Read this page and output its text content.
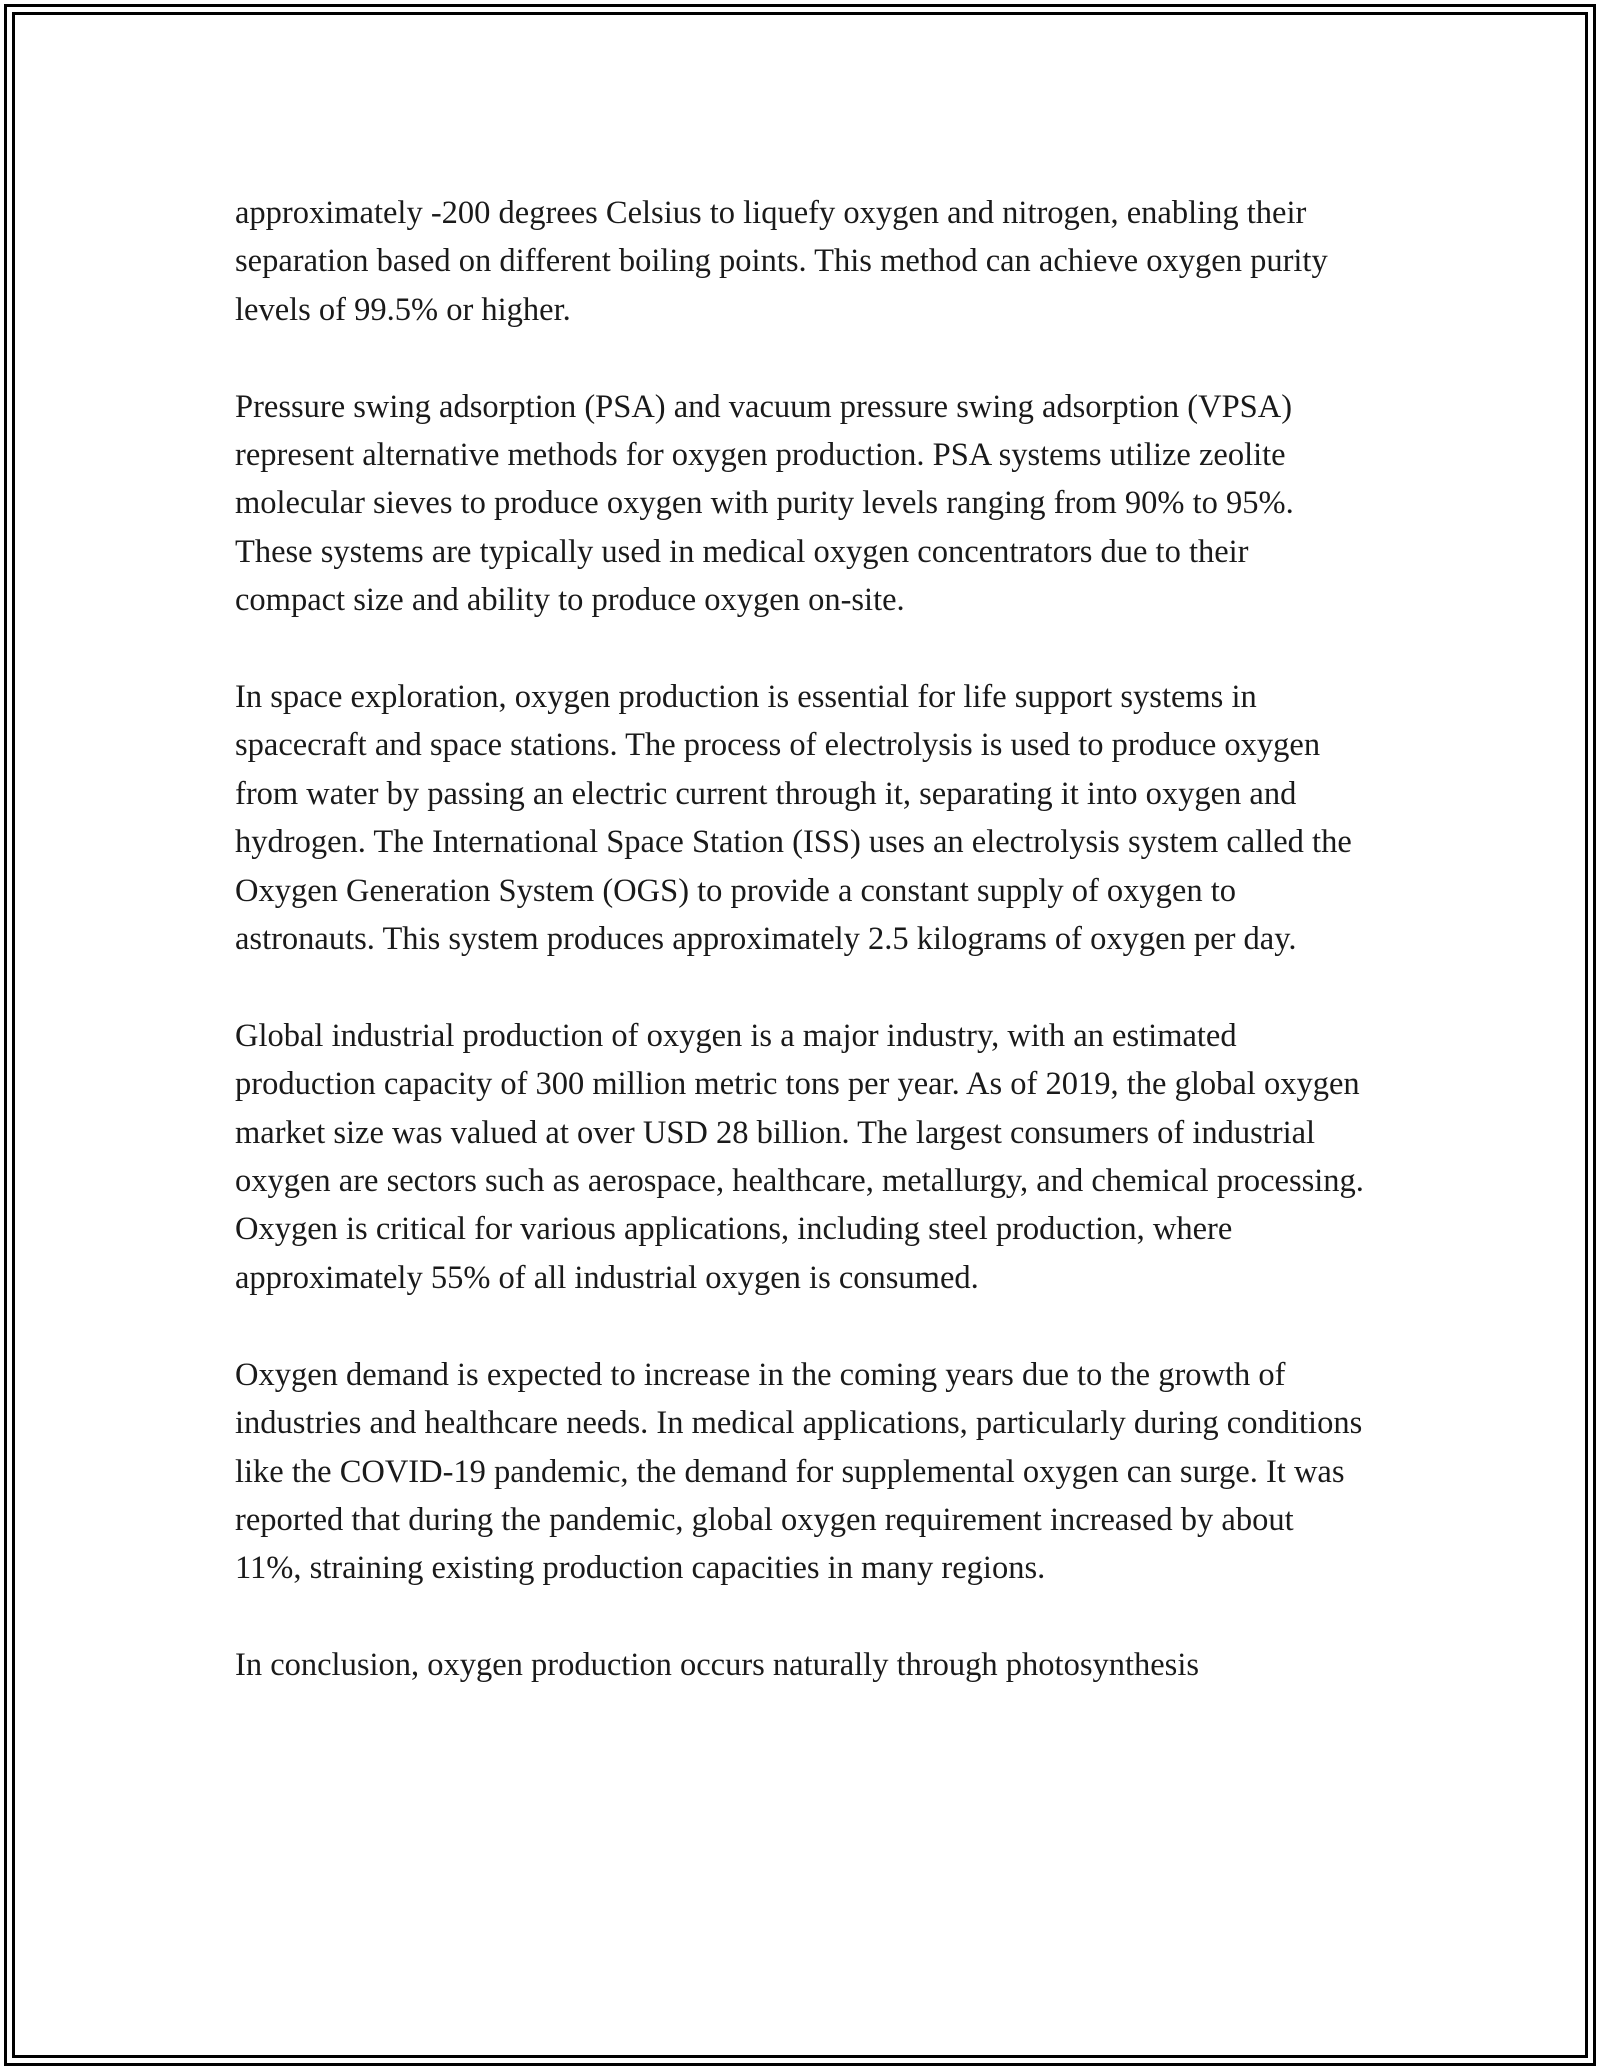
approximately -200 degrees Celsius to liquefy oxygen and nitrogen, enabling their separation based on different boiling points. This method can achieve oxygen purity levels of 99.5% or higher.

Pressure swing adsorption (PSA) and vacuum pressure swing adsorption (VPSA) represent alternative methods for oxygen production. PSA systems utilize zeolite molecular sieves to produce oxygen with purity levels ranging from 90% to 95%. These systems are typically used in medical oxygen concentrators due to their compact size and ability to produce oxygen on-site.

In space exploration, oxygen production is essential for life support systems in spacecraft and space stations. The process of electrolysis is used to produce oxygen from water by passing an electric current through it, separating it into oxygen and hydrogen. The International Space Station (ISS) uses an electrolysis system called the Oxygen Generation System (OGS) to provide a constant supply of oxygen to astronauts. This system produces approximately 2.5 kilograms of oxygen per day.

Global industrial production of oxygen is a major industry, with an estimated production capacity of 300 million metric tons per year. As of 2019, the global oxygen market size was valued at over USD 28 billion. The largest consumers of industrial oxygen are sectors such as aerospace, healthcare, metallurgy, and chemical processing. Oxygen is critical for various applications, including steel production, where approximately 55% of all industrial oxygen is consumed.

Oxygen demand is expected to increase in the coming years due to the growth of industries and healthcare needs. In medical applications, particularly during conditions like the COVID-19 pandemic, the demand for supplemental oxygen can surge. It was reported that during the pandemic, global oxygen requirement increased by about 11%, straining existing production capacities in many regions.

In conclusion, oxygen production occurs naturally through photosynthesis
